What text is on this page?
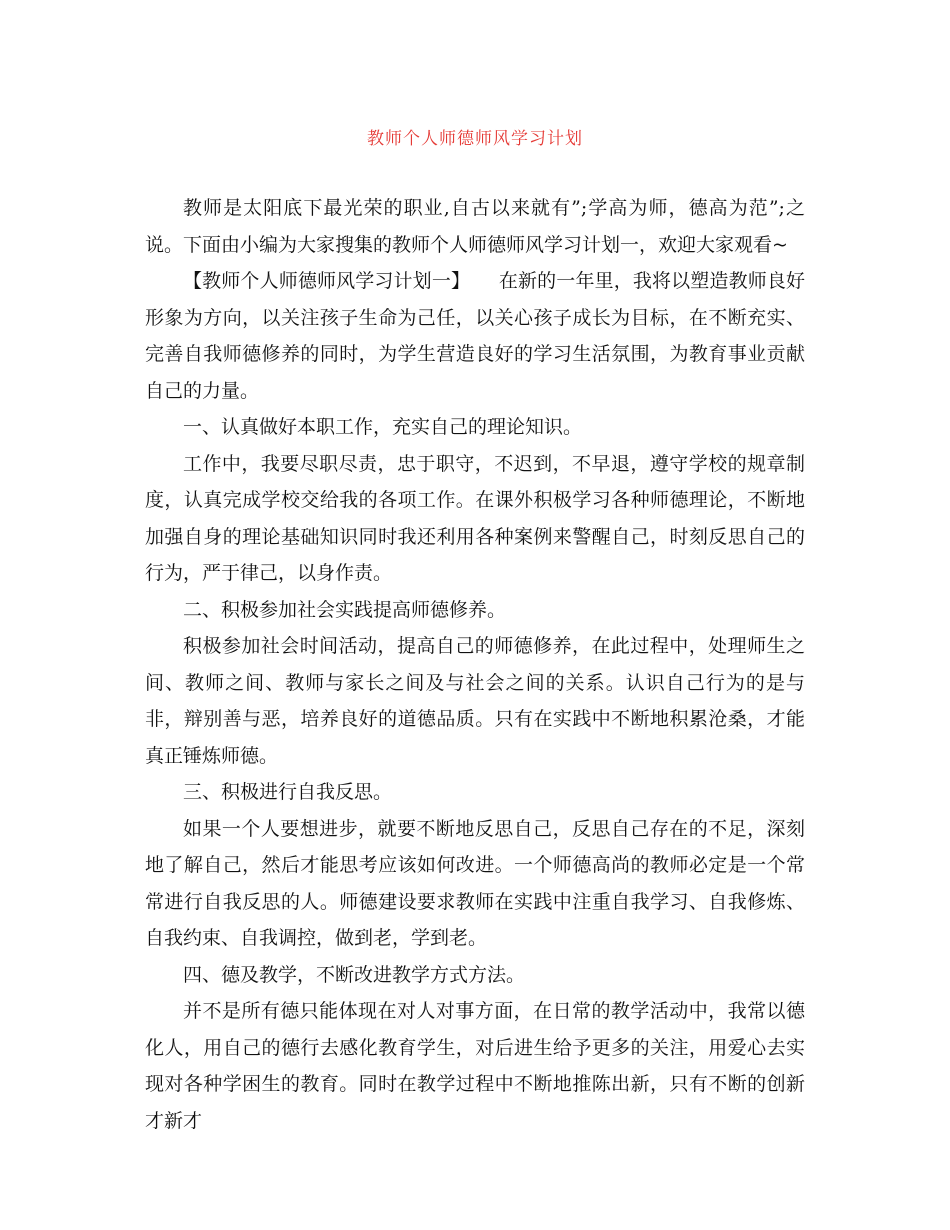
教师个人师德师风学习计划

教师是太阳底下最光荣的职业,自古以来就有”;学高为师，德高为范”;之说。下面由小编为大家搜集的教师个人师德师风学习计划一，欢迎大家观看~

【教师个人师德师风学习计划一】　　在新的一年里，我将以塑造教师良好形象为方向，以关注孩子生命为己任，以关心孩子成长为目标，在不断充实、完善自我师德修养的同时，为学生营造良好的学习生活氛围，为教育事业贡献自己的力量。

一、认真做好本职工作，充实自己的理论知识。

工作中，我要尽职尽责，忠于职守，不迟到，不早退，遵守学校的规章制度，认真完成学校交给我的各项工作。在课外积极学习各种师德理论，不断地加强自身的理论基础知识同时我还利用各种案例来警醒自己，时刻反思自己的行为，严于律己，以身作责。

二、积极参加社会实践提高师德修养。

积极参加社会时间活动，提高自己的师德修养，在此过程中，处理师生之间、教师之间、教师与家长之间及与社会之间的关系。认识自己行为的是与非，辩别善与恶，培养良好的道德品质。只有在实践中不断地积累沧桑，才能真正锤炼师德。

三、积极进行自我反思。

如果一个人要想进步，就要不断地反思自己，反思自己存在的不足，深刻地了解自己，然后才能思考应该如何改进。一个师德高尚的教师必定是一个常常进行自我反思的人。师德建设要求教师在实践中注重自我学习、自我修炼、自我约束、自我调控，做到老，学到老。

四、德及教学，不断改进教学方式方法。

并不是所有德只能体现在对人对事方面，在日常的教学活动中，我常以德化人，用自己的德行去感化教育学生，对后进生给予更多的关注，用爱心去实现对各种学困生的教育。同时在教学过程中不断地推陈出新，只有不断的创新才新才
